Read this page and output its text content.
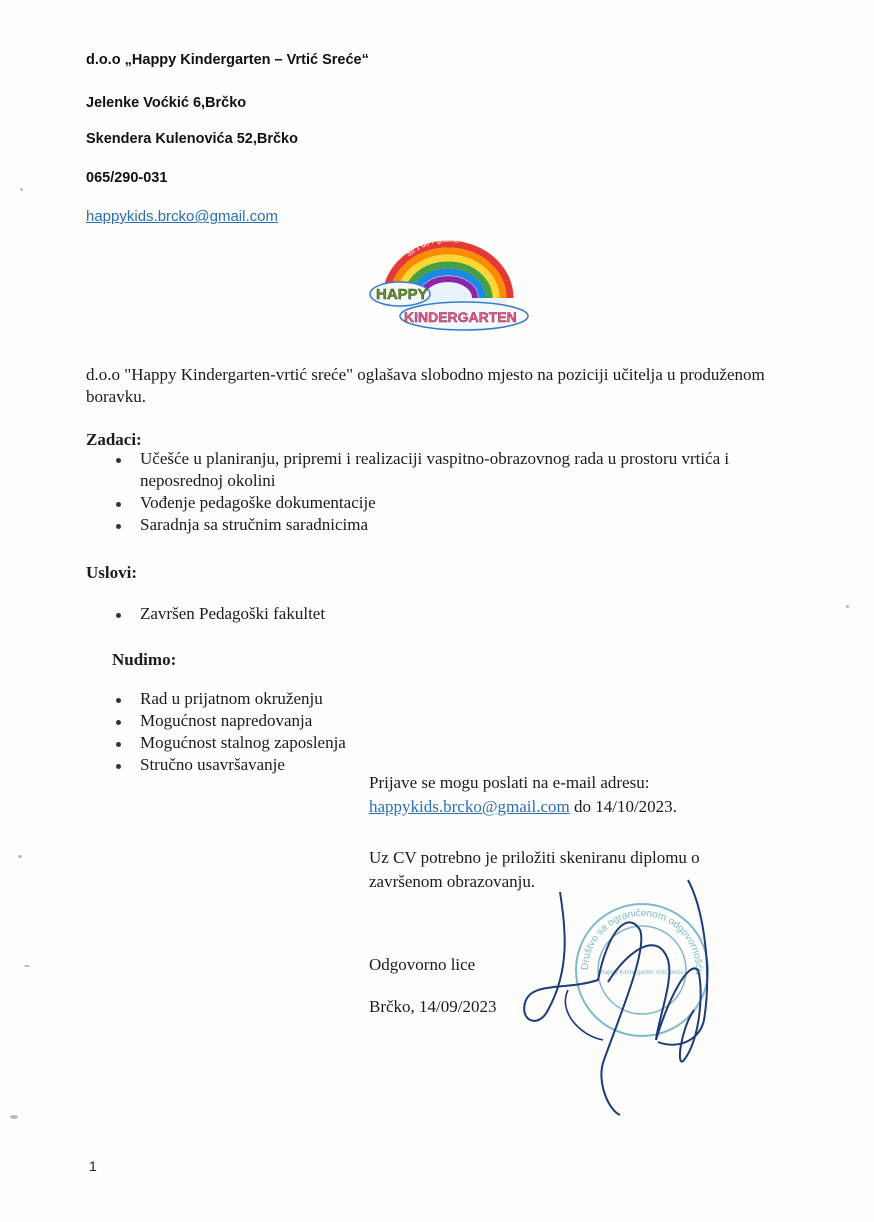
d.o.o „Happy Kindergarten – Vrtić Sreće“
Jelenke Voćkić 6,Brčko
Skendera Kulenovića 52,Brčko
065/290-031
happykids.brcko@gmail.com
od 1 do 7 godina
HAPPY
KINDERGARTEN
d.o.o "Happy Kindergarten-vrtić sreće" oglašava slobodno mjesto na poziciji učitelja u produženom boravku.
Zadaci:
Učešće u planiranju, pripremi i realizaciji vaspitno-obrazovnog rada u prostoru vrtića i neposrednoj okolini
Vođenje pedagoške dokumentacije
Saradnja sa stručnim saradnicima
Uslovi:
Završen Pedagoški fakultet
Nudimo:
Rad u prijatnom okruženju
Mogućnost napredovanja
Mogućnost stalnog zaposlenja
Stručno usavršavanje
Prijave se mogu poslati na e-mail adresu:
happykids.brcko@gmail.com do 14/10/2023.
Uz CV potrebno je priložiti skeniranu diplomu o završenom obrazovanju.
Odgovorno lice
Brčko, 14/09/2023
Društvo sa ograničenom odgovornošću
Happy Kindergarten Vrtić sreće
1
